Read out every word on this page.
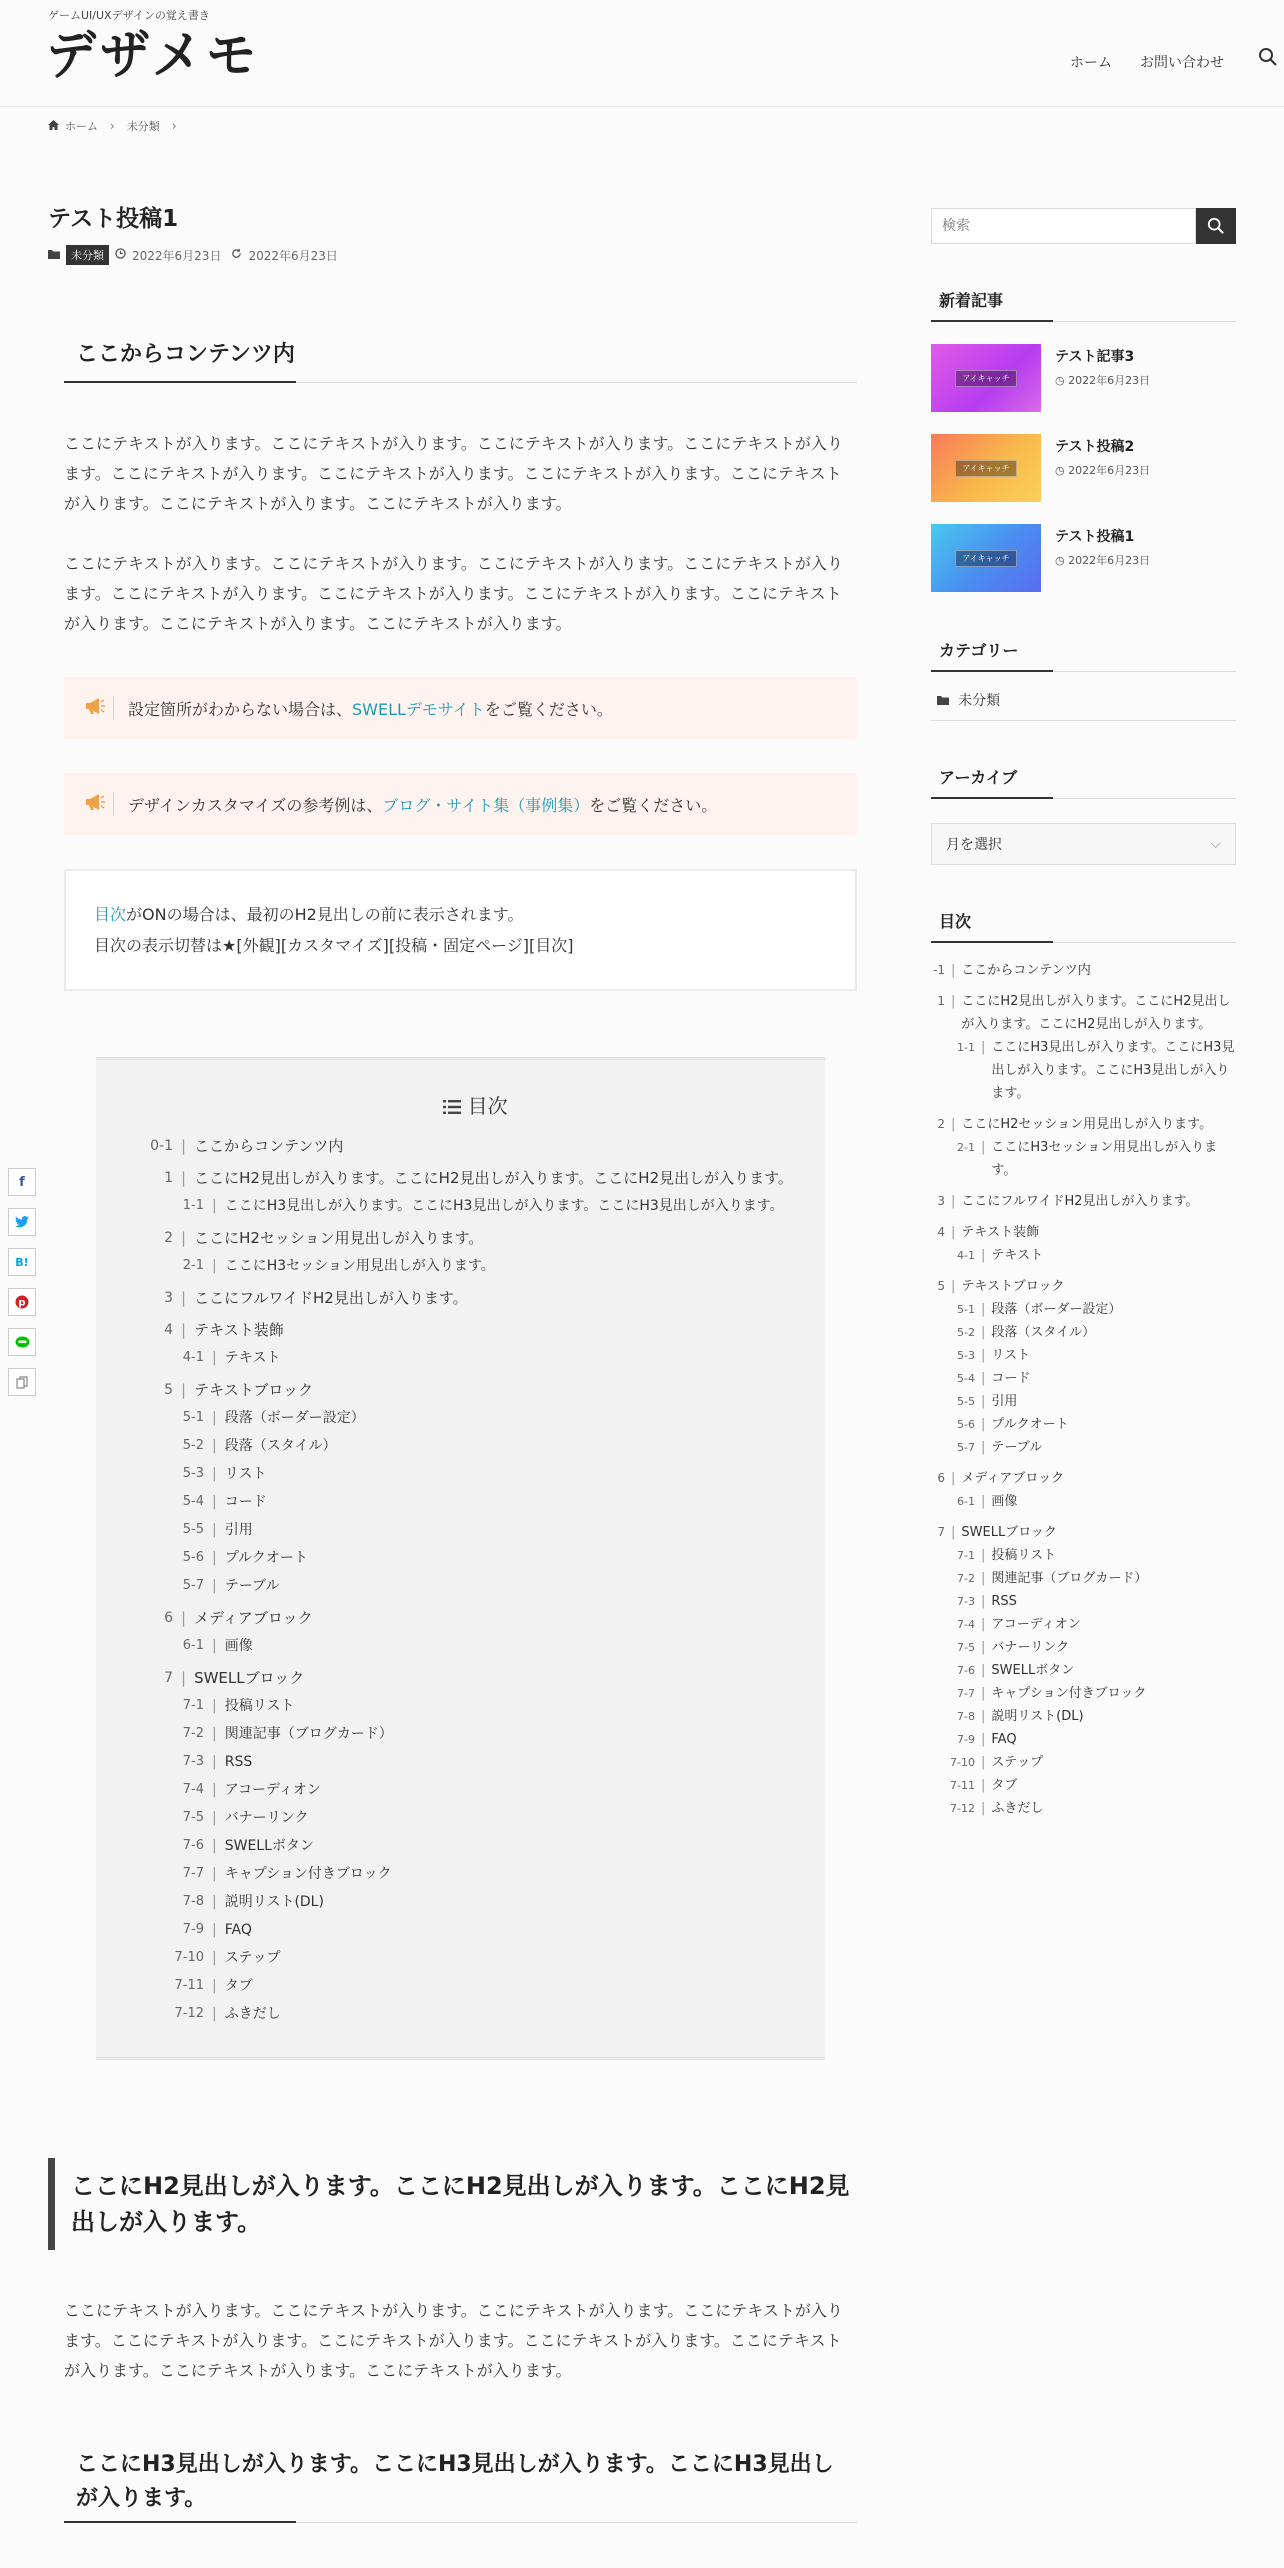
ゲームUI/UXデザインの覚え書き
デザメモ	ホーム お問い合わせ
ホーム › 未分類 ›
テスト投稿1
未分類	2022年6月23日 2022年6月23日
ここからコンテンツ内

ここにテキストが入ります。ここにテキストが入ります。ここにテキストが入ります。ここにテキストが入ります。ここにテキストが入ります。ここにテキストが入ります。ここにテキストが入ります。ここにテキストが入ります。ここにテキストが入ります。ここにテキストが入ります。

ここにテキストが入ります。ここにテキストが入ります。ここにテキストが入ります。ここにテキストが入ります。ここにテキストが入ります。ここにテキストが入ります。ここにテキストが入ります。ここにテキストが入ります。ここにテキストが入ります。ここにテキストが入ります。

設定箇所がわからない場合は、 SWELLデモサイト をご覧ください。
デザインカスタマイズの参考例は、 ブログ・サイト集（事例集） をご覧ください。
目次がONの場合は、最初のH2見出しの前に表示されます。
目次の表示切替は★[外観][カスタマイズ][投稿・固定ページ][目次]
目次
0-1 | ここからコンテンツ内
1 | ここにH2見出しが入ります。ここにH2見出しが入ります。ここにH2見出しが入ります。
1-1 | ここにH3見出しが入ります。ここにH3見出しが入ります。ここにH3見出しが入ります。
2 | ここにH2セッション用見出しが入ります。
2-1 | ここにH3セッション用見出しが入ります。
3 | ここにフルワイドH2見出しが入ります。
4 | テキスト装飾
4-1 | テキスト
5 | テキストブロック
5-1 | 段落（ボーダー設定）
5-2 | 段落（スタイル）
5-3 | リスト
5-4 | コード
5-5 | 引用
5-6 | プルクオート
5-7 | テーブル
6 | メディアブロック
6-1 | 画像
7 | SWELLブロック
7-1 | 投稿リスト
7-2 | 関連記事（ブログカード）
7-3 | RSS
7-4 | アコーディオン
7-5 | バナーリンク
7-6 | SWELLボタン
7-7 | キャプション付きブロック
7-8 | 説明リスト(DL)
7-9 | FAQ
7-10 | ステップ
7-11 | タブ
7-12 | ふきだし
ここにH2見出しが入ります。ここにH2見出しが入ります。ここにH2見出しが入ります。

ここにテキストが入ります。ここにテキストが入ります。ここにテキストが入ります。ここにテキストが入ります。ここにテキストが入ります。ここにテキストが入ります。ここにテキストが入ります。ここにテキストが入ります。ここにテキストが入ります。ここにテキストが入ります。

ここにH3見出しが入ります。ここにH3見出しが入ります。ここにH3見出しが入ります。
検索
新着記事
アイキャッチ
テスト記事3
◷ 2022年6月23日
アイキャッチ
テスト投稿2
◷ 2022年6月23日
アイキャッチ
テスト投稿1
◷ 2022年6月23日
カテゴリー
未分類
アーカイブ
月を選択	⌵
目次
-1 | ここからコンテンツ内
1 | ここにH2見出しが入ります。ここにH2見出しが入ります。ここにH2見出しが入ります。
1-1 | ここにH3見出しが入ります。ここにH3見出しが入ります。ここにH3見出しが入ります。
2 | ここにH2セッション用見出しが入ります。
2-1 | ここにH3セッション用見出しが入ります。
3 | ここにフルワイドH2見出しが入ります。
4 | テキスト装飾
4-1 | テキスト
5 | テキストブロック
5-1 | 段落（ボーダー設定）
5-2 | 段落（スタイル）
5-3 | リスト
5-4 | コード
5-5 | 引用
5-6 | プルクオート
5-7 | テーブル
6 | メディアブロック
6-1 | 画像
7 | SWELLブロック
7-1 | 投稿リスト
7-2 | 関連記事（ブログカード）
7-3 | RSS
7-4 | アコーディオン
7-5 | バナーリンク
7-6 | SWELLボタン
7-7 | キャプション付きブロック
7-8 | 説明リスト(DL)
7-9 | FAQ
7-10 | ステップ
7-11 | タブ
7-12 | ふきだし
f
B!
p
